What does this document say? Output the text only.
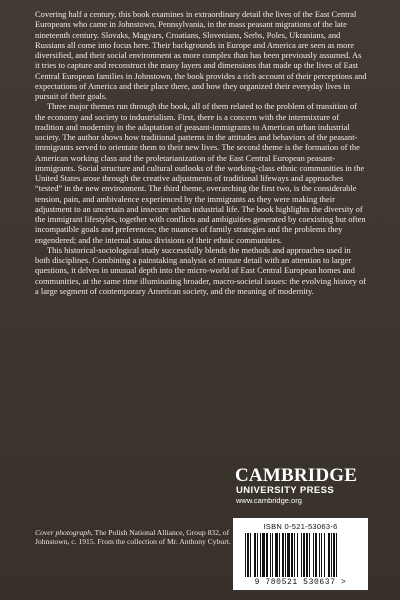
Covering half a century, this book examines in extraordinary detail the lives of the East Central Europeans who came in Johnstown, Pennsylvania, in the mass peasant migrations of the late nineteenth century. Slovaks, Magyars, Croatians, Slovenians, Serbs, Poles, Ukranians, and Russians all come into focus here. Their backgrounds in Europe and America are seen as more diversified, and their social environment as more complex than has been previously assumed. As it tries to capture and reconstruct the many layers and dimensions that made up the lives of East Central European families in Johnstown, the book provides a rich account of their perceptions and expectations of America and their place there, and how they organized their everyday lives in pursuit of their goals.

Three major themes run through the book, all of them related to the problem of transition of the economy and society to industrialism. First, there is a concern with the intermixture of tradition and modernity in the adaptation of peasant-immigrants to American urban industrial society. The author shows how traditional patterns in the attitudes and behaviors of the peasant-immigrants served to orientate them to their new lives. The second theme is the formation of the American working class and the proletarianization of the East Central European peasant-immigrants. Social structure and cultural outlooks of the working-class ethnic communities in the United States arose through the creative adjustments of traditional lifeways and approaches “tested” in the new environment. The third theme, overarching the first two, is the considerable tension, pain, and ambivalence experienced by the immigrants as they were making their adjustment to an uncertain and insecure urban industrial life. The book highlights the diversity of the immigrant lifestyles, together with conflicts and ambiguities generated by coexisting but often incompatible goals and preferences; the nuances of family strategies and the problems they engendered; and the internal status divisions of their ethnic communities.

This historical-sociological study successfully blends the methods and approaches used in both disciplines. Combining a painstaking analysis of minute detail with an attention to larger questions, it delves in unusual depth into the micro-world of East Central European homes and communities, at the same time illuminating broader, macro-societal issues: the evolving history of a large segment of contemporary American society, and the meaning of modernity.

CAMBRIDGE
UNIVERSITY PRESS
www.cambridge.org
Cover photograph, The Polish National Alliance, Group 832, of Johnstown, c. 1915. From the collection of Mr. Anthony Cyburt.
ISBN 0-521-53063-6
9 780521 530637 >
